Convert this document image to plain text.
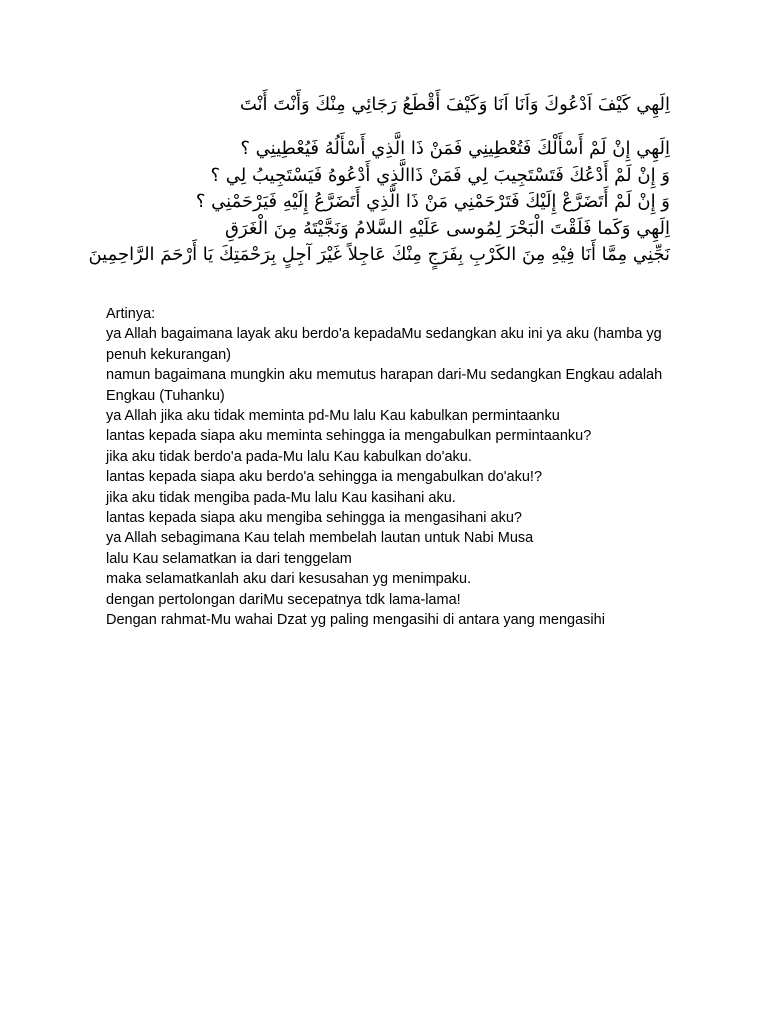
اِلَهِي كَيْفَ اَدْعُوكَ وَاَنَا اَنَا وَكَيْفَ أَقْطَعُ رَجَائِي مِنْكَ وَأَنْتَ أَنْتَ
اِلَهِي إِنْ لَمْ أَسْأَلْكَ فَتُعْطِينِي فَمَنْ ذَا الَّذِي أَسْأَلُهُ فَيُعْطِينِي ؟
وَ إِنْ لَمْ أَدْعُكَ فَتَسْتَجِيبَ لِي فَمَنْ ذَاالَّذِي أَدْعُوهُ فَيَسْتَجِيبُ لِي ؟
وَ إِنْ لَمْ أَتَضَرَّعْ إِلَيْكَ فَتَرْحَمْنِي مَنْ ذَا الَّذِي أَتَضَرَّعُ إِلَيْهِ فَيَرْحَمْنِي ؟
اِلَهِي وَكَما فَلَقْتَ الْبَحْرَ لِمُوسى عَلَيْهِ السَّلامُ وَنَجَّيْتَهُ مِنَ الْغَرَقِ
نَجِّنِي مِمَّا أَنَا فِيْهِ مِنَ الكَرْبِ بِفَرَجٍ مِنْكَ عَاجِلاً غَيْرَ آجِلٍ بِرَحْمَتِكَ يَا أَرْحَمَ الرَّاحِمِينَ
Artinya:
ya Allah bagaimana layak aku berdo'a kepadaMu sedangkan aku ini ya aku (hamba yg penuh kekurangan)
namun bagaimana mungkin aku memutus harapan dari-Mu sedangkan Engkau adalah Engkau (Tuhanku)
ya Allah jika aku tidak meminta pd-Mu lalu Kau kabulkan permintaanku
lantas kepada siapa aku meminta sehingga ia mengabulkan permintaanku?
jika aku tidak berdo'a pada-Mu lalu Kau kabulkan do'aku.
lantas kepada siapa aku berdo'a sehingga ia mengabulkan do'aku!?
jika aku tidak mengiba pada-Mu lalu Kau kasihani aku.
lantas kepada siapa aku mengiba sehingga ia mengasihani aku?
ya Allah sebagimana Kau telah membelah lautan untuk Nabi Musa
lalu Kau selamatkan ia dari tenggelam
maka selamatkanlah aku dari kesusahan yg menimpaku.
dengan pertolongan dariMu secepatnya tdk lama-lama!
Dengan rahmat-Mu wahai Dzat yg paling mengasihi di antara yang mengasihi
